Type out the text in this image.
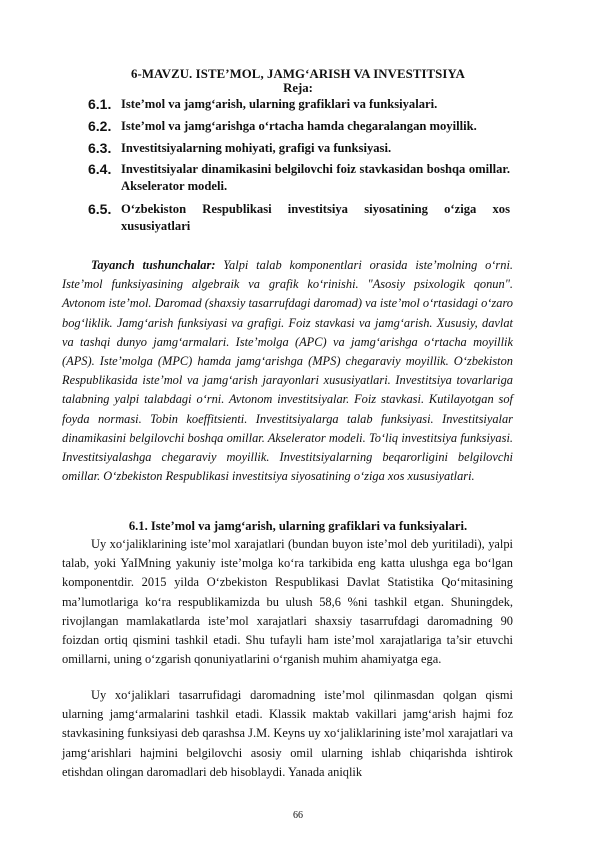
6-MAVZU. ISTE’MOL, JAMG‘ARISH VA INVESTITSIYA
Reja:
6.1. Iste’mol va jamg‘arish, ularning grafiklari va funksiyalari.
6.2. Iste’mol va jamg‘arishga o‘rtacha hamda chegaralangan moyillik.
6.3. Investitsiyalarning mohiyati, grafigi va funksiyasi.
6.4. Investitsiyalar dinamikasini belgilovchi foiz stavkasidan boshqa omillar. Akselerator modeli.
6.5. O‘zbekiston Respublikasi investitsiya siyosatining o‘ziga xos xususiyatlari
Tayanch tushunchalar: Yalpi talab komponentlari orasida iste’molning o‘rni. Iste’mol funksiyasining algebraik va grafik ko‘rinishi. "Asosiy psixologik qonun". Avtonom iste’mol. Daromad (shaxsiy tasarrufdagi daromad) va iste’mol o‘rtasidagi o‘zaro bog‘liklik. Jamg‘arish funksiyasi va grafigi. Foiz stavkasi va jamg‘arish. Xususiy, davlat va tashqi dunyo jamg‘armalari. Iste’molga (APC) va jamg‘arishga o‘rtacha moyillik (APS). Iste’molga (MPC) hamda jamg‘arishga (MPS) chegaraviy moyillik. O‘zbekiston Respublikasida iste’mol va jamg‘arish jarayonlari xususiyatlari. Investitsiya tovarlariga talabning yalpi talabdagi o‘rni. Avtonom investitsiyalar. Foiz stavkasi. Kutilayotgan sof foyda normasi. Tobin koeffitsienti. Investitsiyalarga talab funksiyasi. Investitsiyalar dinamikasini belgilovchi boshqa omillar. Akselerator modeli. To‘liq investitsiya funksiyasi. Investitsiyalashga chegaraviy moyillik. Investitsiyalarning beqarorligini belgilovchi omillar. O‘zbekiston Respublikasi investitsiya siyosatining o‘ziga xos xususiyatlari.
6.1. Iste’mol va jamg‘arish, ularning grafiklari va funksiyalari.
Uy xo‘jaliklarining iste’mol xarajatlari (bundan buyon iste’mol deb yuritiladi), yalpi talab, yoki YaIMning yakuniy iste’molga ko‘ra tarkibida eng katta ulushga ega bo‘lgan komponentdir. 2015 yilda O‘zbekiston Respublikasi Davlat Statistika Qo‘mitasining ma’lumotlariga ko‘ra respublikamizda bu ulush 58,6 %ni tashkil etgan. Shuningdek, rivojlangan mamlakatlarda iste’mol xarajatlari shaxsiy tasarrufdagi daromadning 90 foizdan ortiq qismini tashkil etadi. Shu tufayli ham iste’mol xarajatlariga ta’sir etuvchi omillarni, uning o‘zgarish qonuniyatlarini o‘rganish muhim ahamiyatga ega.
Uy xo‘jaliklari tasarrufidagi daromadning iste’mol qilinmasdan qolgan qismi ularning jamg‘armalarini tashkil etadi. Klassik maktab vakillari jamg‘arish hajmi foz stavkasining funksiyasi deb qarashsa J.M. Keyns uy xo‘jaliklarining iste’mol xarajatlari va jamg‘arishlari hajmini belgilovchi asosiy omil ularning ishlab chiqarishda ishtirok etishdan olingan daromadlari deb hisoblaydi. Yanada aniqlik
66
